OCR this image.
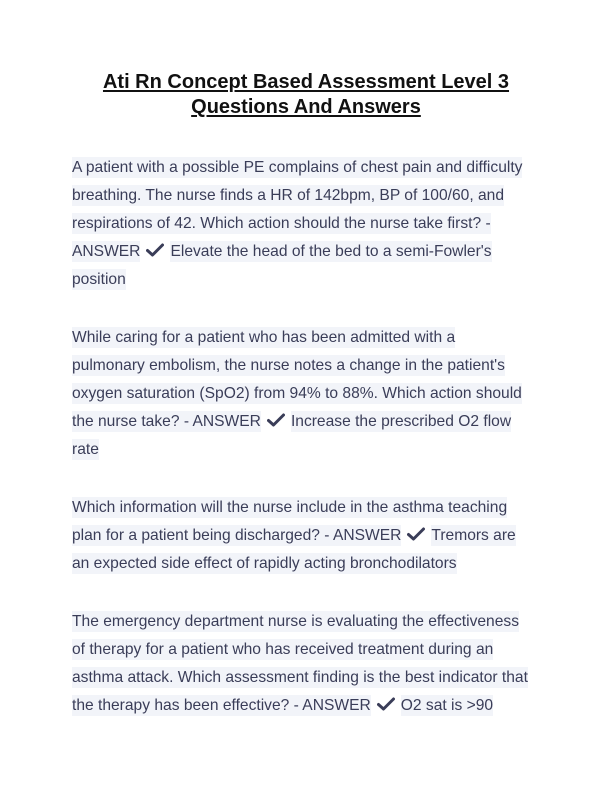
Ati Rn Concept Based Assessment Level 3
Questions And Answers
A patient with a possible PE complains of chest pain and difficulty
breathing. The nurse finds a HR of 142bpm, BP of 100/60, and
respirations of 42. Which action should the nurse take first? -
ANSWER Elevate the head of the bed to a semi-Fowler's
position
While caring for a patient who has been admitted with a
pulmonary embolism, the nurse notes a change in the patient's
oxygen saturation (SpO2) from 94% to 88%. Which action should
the nurse take? - ANSWER Increase the prescribed O2 flow
rate
Which information will the nurse include in the asthma teaching
plan for a patient being discharged? - ANSWER Tremors are
an expected side effect of rapidly acting bronchodilators
The emergency department nurse is evaluating the effectiveness
of therapy for a patient who has received treatment during an
asthma attack. Which assessment finding is the best indicator that
the therapy has been effective? - ANSWER O2 sat is >90
